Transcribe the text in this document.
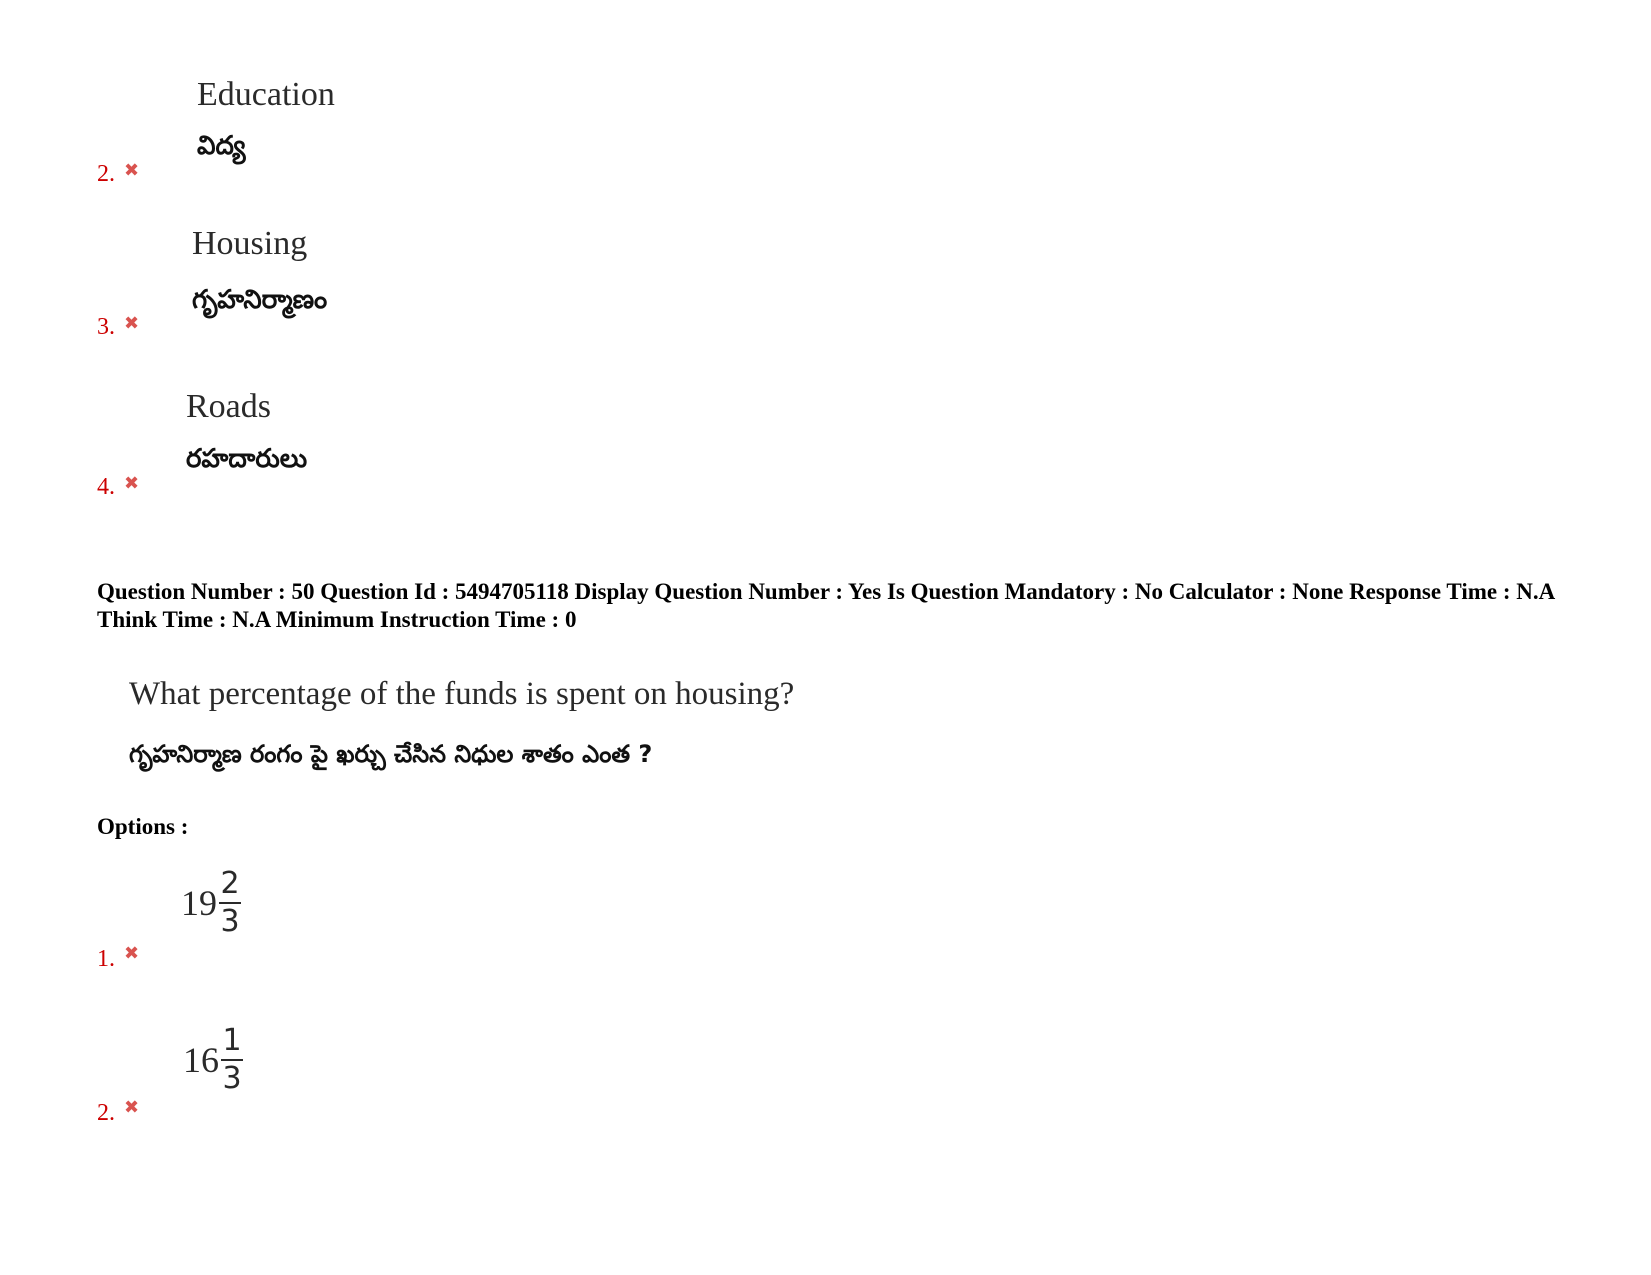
Education
విద్య
2. ✖
Housing
గృహనిర్మాణం
3. ✖
Roads
రహదారులు
4. ✖
Question Number : 50 Question Id : 5494705118 Display Question Number : Yes Is Question Mandatory : No Calculator : None Response Time : N.A Think Time : N.A Minimum Instruction Time : 0
What percentage of the funds is spent on housing?
గృహనిర్మాణ రంగం పై ఖర్చు చేసిన నిధుల శాతం ఎంత ?
Options :
$19 \frac{2}{3}$
1. ✖
$16 \frac{1}{3}$
2. ✖
